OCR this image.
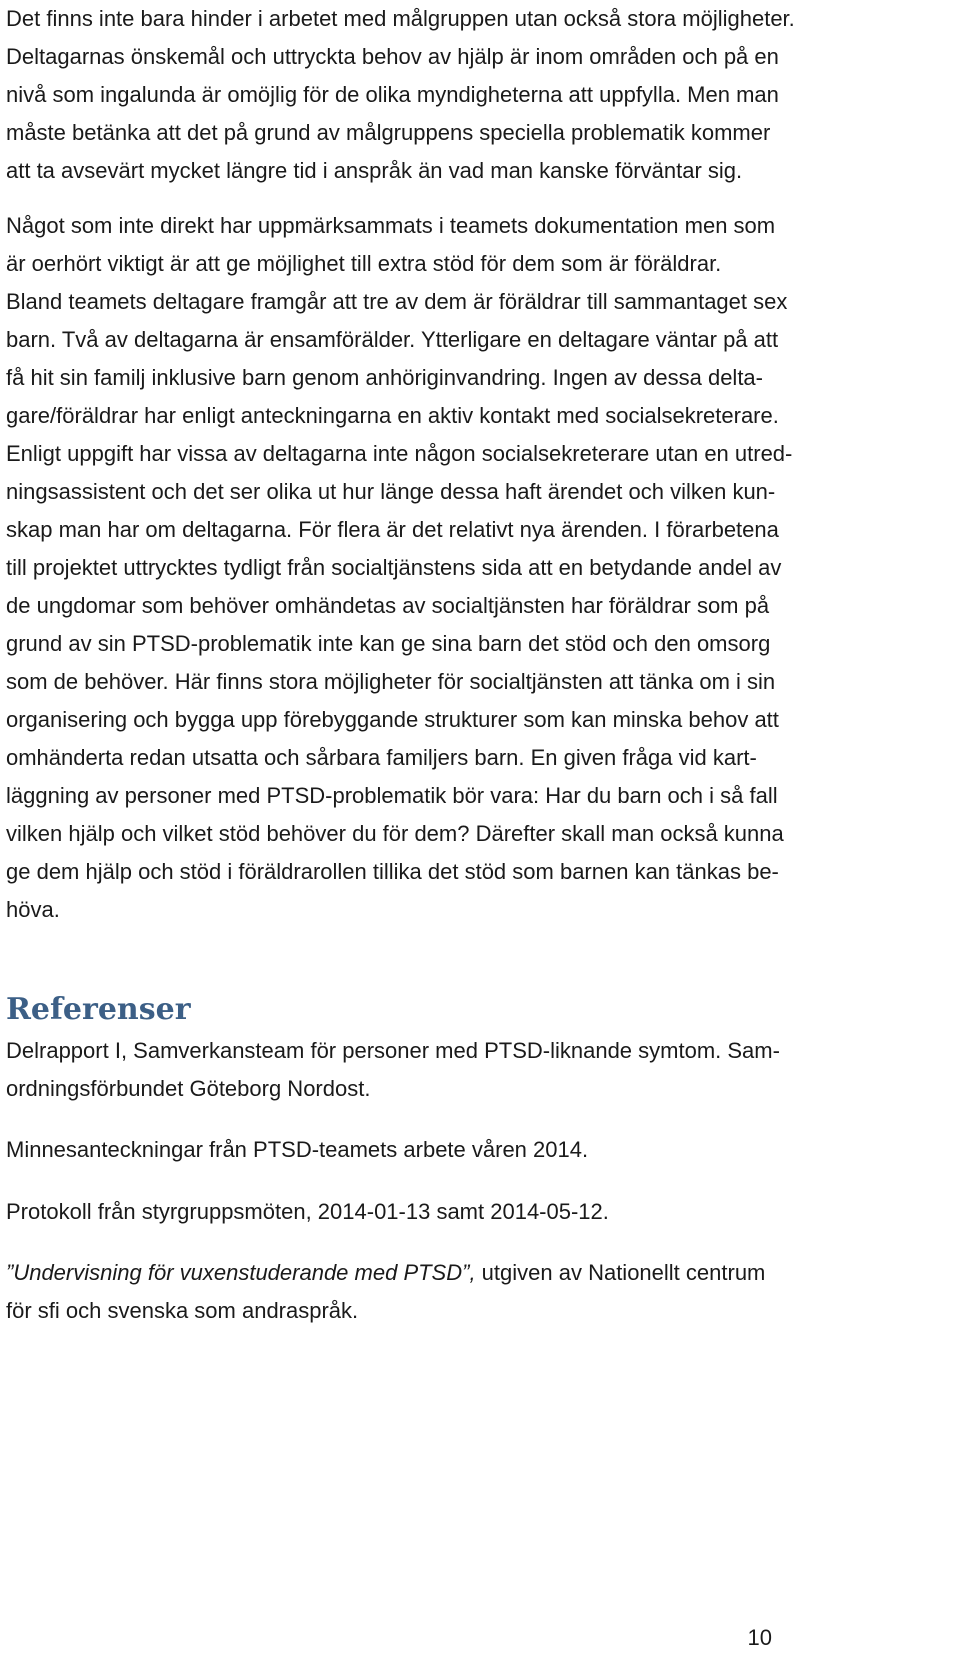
Det finns inte bara hinder i arbetet med målgruppen utan också stora möjligheter.
Deltagarnas önskemål och uttryckta behov av hjälp är inom områden och på en
nivå som ingalunda är omöjlig för de olika myndigheterna att uppfylla. Men man
måste betänka att det på grund av målgruppens speciella problematik kommer
att ta avsevärt mycket längre tid i anspråk än vad man kanske förväntar sig.

Något som inte direkt har uppmärksammats i teamets dokumentation men som
är oerhört viktigt är att ge möjlighet till extra stöd för dem som är föräldrar.
Bland teamets deltagare framgår att tre av dem är föräldrar till sammantaget sex
barn. Två av deltagarna är ensamförälder. Ytterligare en deltagare väntar på att
få hit sin familj inklusive barn genom anhöriginvandring. Ingen av dessa delta-
gare/föräldrar har enligt anteckningarna en aktiv kontakt med socialsekreterare.
Enligt uppgift har vissa av deltagarna inte någon socialsekreterare utan en utred-
ningsassistent och det ser olika ut hur länge dessa haft ärendet och vilken kun-
skap man har om deltagarna. För flera är det relativt nya ärenden. I förarbetena
till projektet uttrycktes tydligt från socialtjänstens sida att en betydande andel av
de ungdomar som behöver omhändetas av socialtjänsten har föräldrar som på
grund av sin PTSD-problematik inte kan ge sina barn det stöd och den omsorg
som de behöver. Här finns stora möjligheter för socialtjänsten att tänka om i sin
organisering och bygga upp förebyggande strukturer som kan minska behov att
omhänderta redan utsatta och sårbara familjers barn. En given fråga vid kart-
läggning av personer med PTSD-problematik bör vara: Har du barn och i så fall
vilken hjälp och vilket stöd behöver du för dem? Därefter skall man också kunna
ge dem hjälp och stöd i föräldrarollen tillika det stöd som barnen kan tänkas be-
höva.

Referenser

Delrapport I, Samverkansteam för personer med PTSD-liknande symtom. Sam-
ordningsförbundet Göteborg Nordost.

Minnesanteckningar från PTSD-teamets arbete våren 2014.

Protokoll från styrgruppsmöten, 2014-01-13 samt 2014-05-12.

”Undervisning för vuxenstuderande med PTSD”, utgiven av Nationellt centrum
för sfi och svenska som andraspråk.

10
